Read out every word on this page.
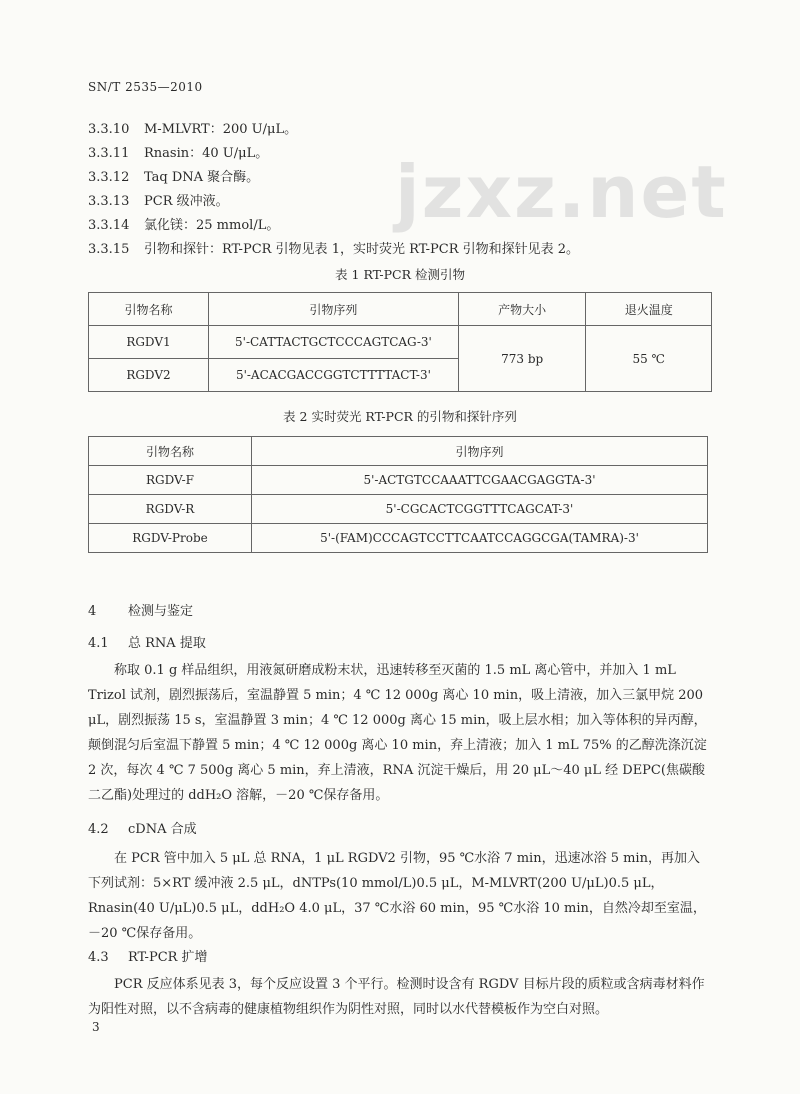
SN/T 2535—2010
jzxz.net
3.3.10 M-MLVRT：200 U/μL。
3.3.11 Rnasin：40 U/μL。
3.3.12 Taq DNA 聚合酶。
3.3.13 PCR 级冲液。
3.3.14 氯化镁：25 mmol/L。
3.3.15 引物和探针：RT-PCR 引物见表 1，实时荧光 RT-PCR 引物和探针见表 2。
表 1 RT-PCR 检测引物
引物名称	引物序列	产物大小	退火温度
RGDV1	5'-CATTACTGCTCCCAGTCAG-3'	773 bp	55 ℃
RGDV2	5'-ACACGACCGGTCTTTTACT-3'		
表 2 实时荧光 RT-PCR 的引物和探针序列
引物名称	引物序列
RGDV-F	5'-ACTGTCCAAATTCGAACGAGGTA-3'
RGDV-R	5'-CGCACTCGGTTTCAGCAT-3'
RGDV-Probe	5'-(FAM)CCCAGTCCTTCAATCCAGGCGA(TAMRA)-3'
4 检测与鉴定
4.1 总 RNA 提取
称取 0.1 g 样品组织，用液氮研磨成粉末状，迅速转移至灭菌的 1.5 mL 离心管中，并加入 1 mL Trizol 试剂，剧烈振荡后，室温静置 5 min；4 ℃ 12 000g 离心 10 min，吸上清液，加入三氯甲烷 200 μL，剧烈振荡 15 s，室温静置 3 min；4 ℃ 12 000g 离心 15 min，吸上层水相；加入等体积的异丙醇，颠倒混匀后室温下静置 5 min；4 ℃ 12 000g 离心 10 min，弃上清液；加入 1 mL 75% 的乙醇洗涤沉淀 2 次，每次 4 ℃ 7 500g 离心 5 min，弃上清液，RNA 沉淀干燥后，用 20 μL～40 μL 经 DEPC(焦碳酸二乙酯)处理过的 ddH₂O 溶解，－20 ℃保存备用。
4.2 cDNA 合成
在 PCR 管中加入 5 μL 总 RNA，1 μL RGDV2 引物，95 ℃水浴 7 min，迅速冰浴 5 min，再加入下列试剂：5×RT 缓冲液 2.5 μL，dNTPs(10 mmol/L)0.5 μL，M-MLVRT(200 U/μL)0.5 μL，Rnasin(40 U/μL)0.5 μL，ddH₂O 4.0 μL，37 ℃水浴 60 min，95 ℃水浴 10 min，自然冷却至室温，－20 ℃保存备用。
4.3 RT-PCR 扩增
PCR 反应体系见表 3，每个反应设置 3 个平行。检测时设含有 RGDV 目标片段的质粒或含病毒材料作为阳性对照，以不含病毒的健康植物组织作为阴性对照，同时以水代替模板作为空白对照。
3
